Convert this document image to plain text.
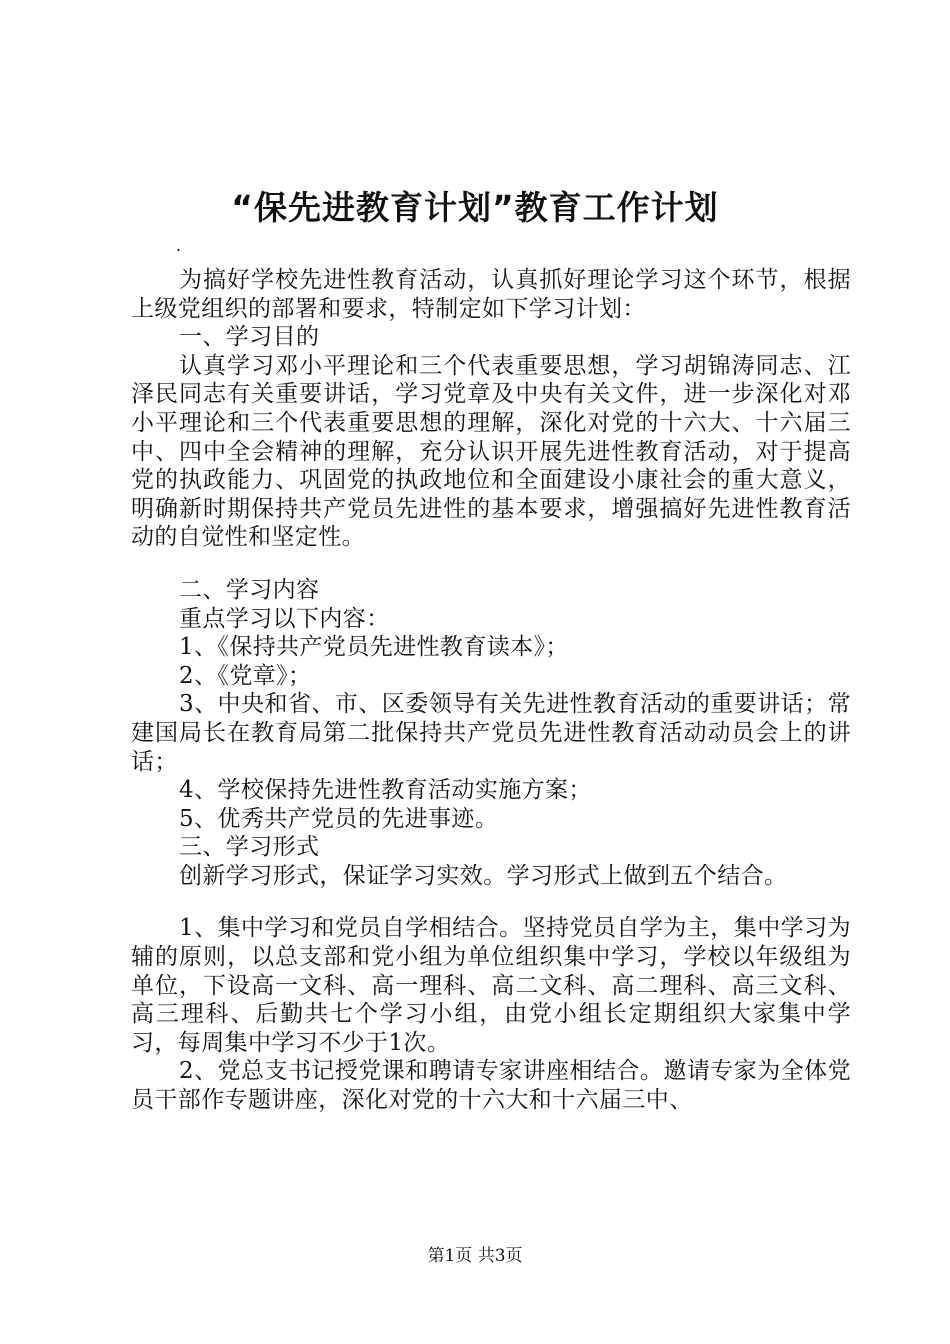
“保先进教育计划”教育工作计划
.

为搞好学校先进性教育活动，认真抓好理论学习这个环节，根据上级党组织的部署和要求，特制定如下学习计划：

一、学习目的

认真学习邓小平理论和三个代表重要思想，学习胡锦涛同志、江泽民同志有关重要讲话，学习党章及中央有关文件，进一步深化对邓小平理论和三个代表重要思想的理解，深化对党的十六大、十六届三中、四中全会精神的理解，充分认识开展先进性教育活动，对于提高党的执政能力、巩固党的执政地位和全面建设小康社会的重大意义，明确新时期保持共产党员先进性的基本要求，增强搞好先进性教育活动的自觉性和坚定性。

二、学习内容

重点学习以下内容：

1、《保持共产党员先进性教育读本》；

2、《党章》；

3、中央和省、市、区委领导有关先进性教育活动的重要讲话；常建国局长在教育局第二批保持共产党员先进性教育活动动员会上的讲话；

4、学校保持先进性教育活动实施方案；

5、优秀共产党员的先进事迹。

三、学习形式

创新学习形式，保证学习实效。学习形式上做到五个结合。

1、集中学习和党员自学相结合。坚持党员自学为主，集中学习为辅的原则，以总支部和党小组为单位组织集中学习，学校以年级组为单位，下设高一文科、高一理科、高二文科、高二理科、高三文科、高三理科、后勤共七个学习小组，由党小组长定期组织大家集中学习，每周集中学习不少于1次。

2、党总支书记授党课和聘请专家讲座相结合。邀请专家为全体党员干部作专题讲座，深化对党的十六大和十六届三中、

第1页 共3页
